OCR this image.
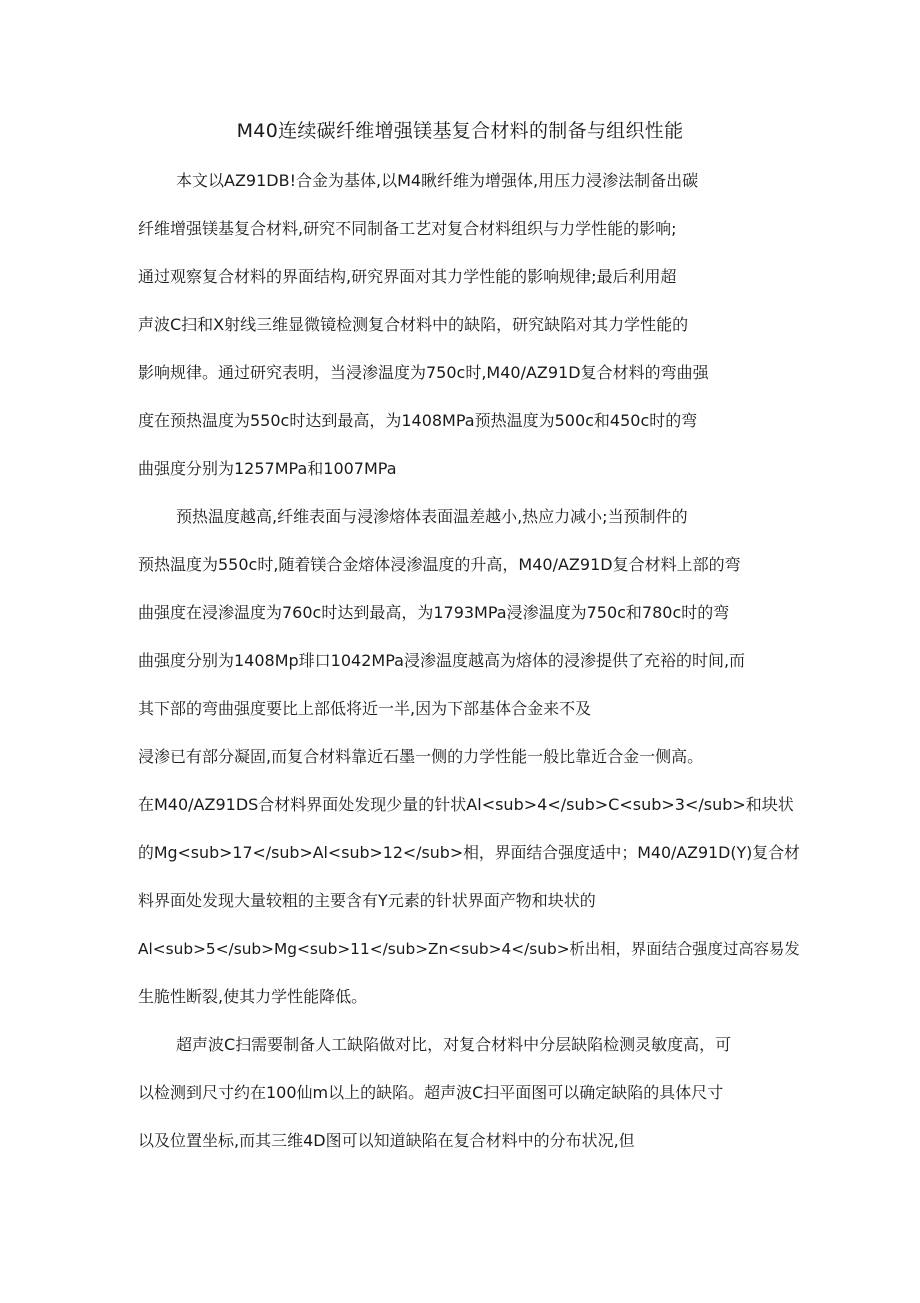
M40连续碳纤维增强镁基复合材料的制备与组织性能
本文以AZ91DB!合金为基体,以M4瞅纤维为增强体,用压力浸渗法制备出碳
纤维增强镁基复合材料,研究不同制备工艺对复合材料组织与力学性能的影响;
通过观察复合材料的界面结构,研究界面对其力学性能的影响规律;最后利用超
声波C扫和X射线三维显微镜检测复合材料中的缺陷，研究缺陷对其力学性能的
影响规律。通过研究表明，当浸渗温度为750c时,M40/AZ91D复合材料的弯曲强
度在预热温度为550c时达到最高，为1408MPa预热温度为500c和450c时的弯
曲强度分别为1257MPa和1007MPa
预热温度越高,纤维表面与浸渗熔体表面温差越小,热应力减小;当预制件的
预热温度为550c时,随着镁合金熔体浸渗温度的升高，M40/AZ91D复合材料上部的弯
曲强度在浸渗温度为760c时达到最高，为1793MPa浸渗温度为750c和780c时的弯
曲强度分别为1408Mp琲口1042MPa浸渗温度越高为熔体的浸渗提供了充裕的时间,而
其下部的弯曲强度要比上部低将近一半,因为下部基体合金来不及
浸渗已有部分凝固,而复合材料靠近石墨一侧的力学性能一般比靠近合金一侧高。
在M40/AZ91DS合材料界面处发现少量的针状Al<sub>4</sub>C<sub>3</sub>和块状
的Mg<sub>17</sub>Al<sub>12</sub>相，界面结合强度适中；M40/AZ91D(Y)复合材
料界面处发现大量较粗的主要含有Y元素的针状界面产物和块状的
Al<sub>5</sub>Mg<sub>11</sub>Zn<sub>4</sub>析出相，界面结合强度过高容易发
生脆性断裂,使其力学性能降低。
超声波C扫需要制备人工缺陷做对比，对复合材料中分层缺陷检测灵敏度高，可
以检测到尺寸约在100仙m以上的缺陷。超声波C扫平面图可以确定缺陷的具体尺寸
以及位置坐标,而其三维4D图可以知道缺陷在复合材料中的分布状况,但
